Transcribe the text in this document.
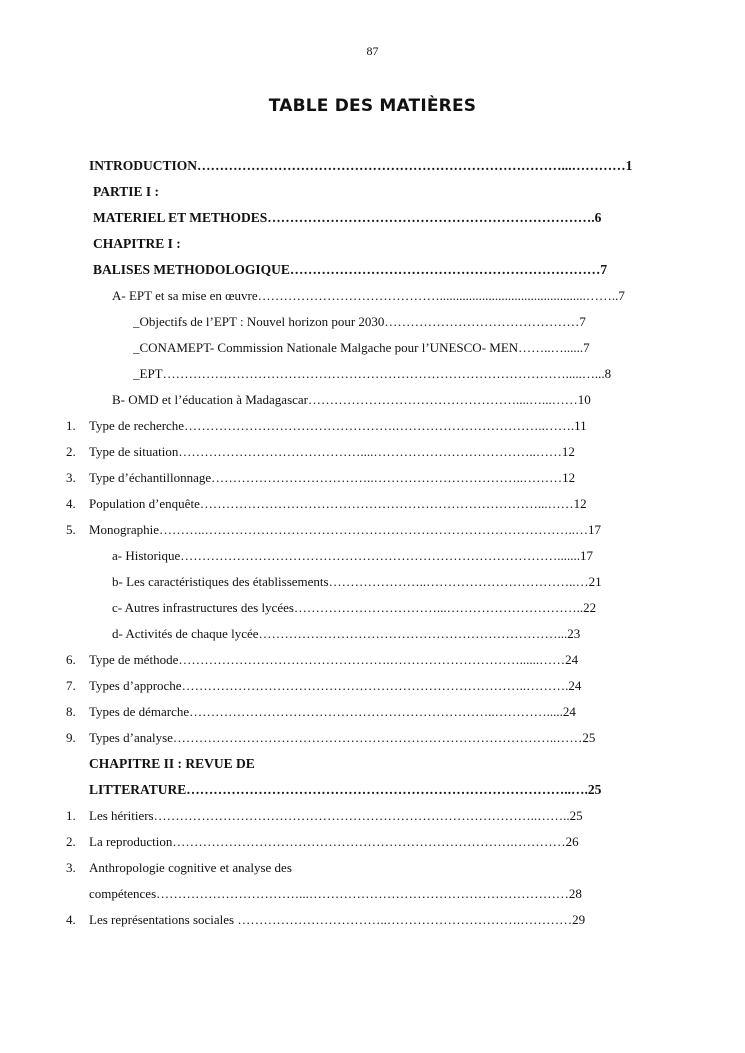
87
TABLE DES MATIÈRES
INTRODUCTION………………………………………………………………………...…………1
PARTIE I :
MATERIEL ET METHODES……………………………………………………………….6
CHAPITRE I :
BALISES METHODOLOGIQUE……………………………………………………………7
A- EPT et sa mise en œuvre…………………………………….............................................……..7
_Objectifs de l’EPT : Nouvel horizon pour 2030………………………………………7
_CONAMEPT- Commission Nationale Malgache pour l’UNESCO- MEN……..…......7
_EPT………………………………………………………………………………….....…...8
B- OMD et l’éducation à Madagascar…………………………………………....…...……10
1. Type de recherche………………………………………….……………………………..…….11
2. Type de situation……………………………………....………………………………..……12
3. Type d’échantillonnage………………………………..……………………………..………12
4. Population d’enquête……………………………………………………………………...……12
5. Monographie………..…………………………………………………………………………..…17
a- Historique…………………………………………………………………………….......17
b- Les caractéristiques des établissements…………………..……………………………..…21
c- Autres infrastructures des lycées……………………………...…………………………..22
d- Activités de chaque lycée……………………………………………………………...23
6. Type de méthode………………………………………….…………………………......……24
7. Types d’approche……………………………………………………………………..……….24
8. Types de démarche……………………………………………………………..………….....24
9. Types d’analyse……………………………………………………………………………..……25
CHAPITRE II : REVUE DE
LITTERATURE…………………………………………………………………………..….25
1. Les héritiers……………………………………………………………………………..……..25
2. La reproduction…………………………………………………………………….…………26
3. Anthropologie cognitive et analyse des
compétences……………………………...……………………………………………………28
4. Les représentations sociales ……………………………..………………………….…………29
